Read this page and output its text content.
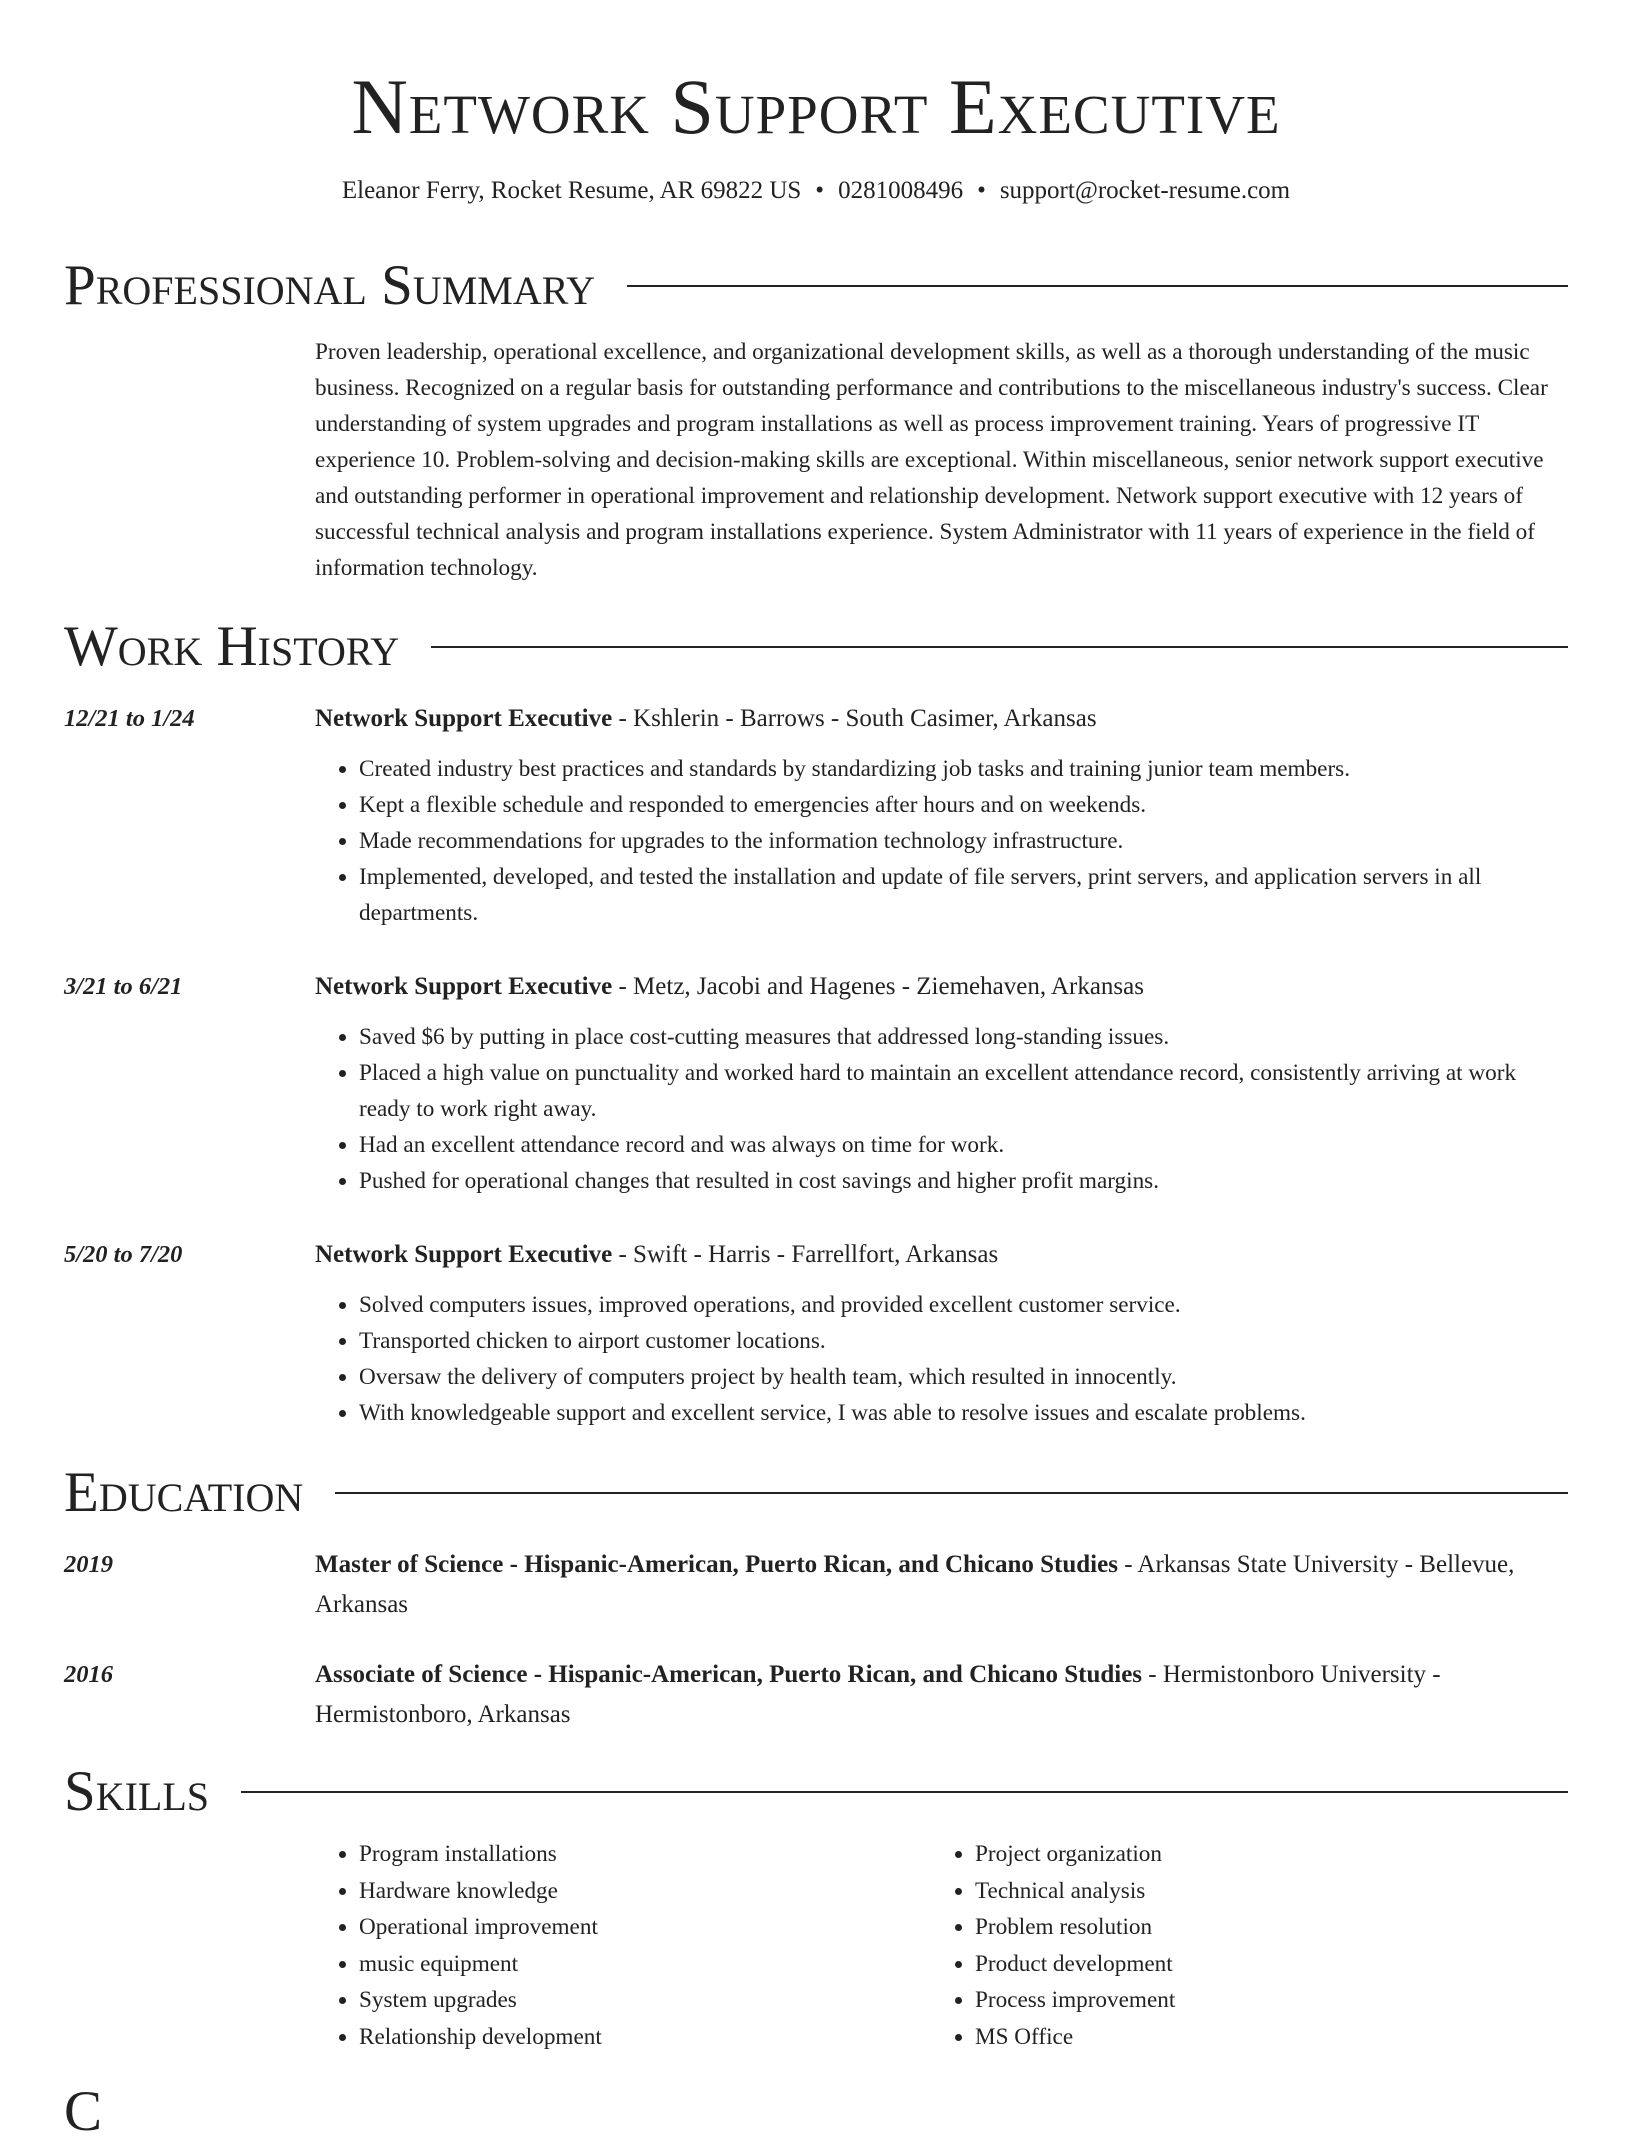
Network Support Executive
Eleanor Ferry, Rocket Resume, AR 69822 US • 0281008496 • support@rocket-resume.com
Professional Summary

Proven leadership, operational excellence, and organizational development skills, as well as a thorough understanding of the music business. Recognized on a regular basis for outstanding performance and contributions to the miscellaneous industry's success. Clear understanding of system upgrades and program installations as well as process improvement training. Years of progressive IT experience 10. Problem-solving and decision-making skills are exceptional. Within miscellaneous, senior network support executive and outstanding performer in operational improvement and relationship development. Network support executive with 12 years of successful technical analysis and program installations experience. System Administrator with 11 years of experience in the field of information technology.

Work History
12/21 to 1/24	Network Support Executive - Kshlerin - Barrows - South Casimer, Arkansas
• Created industry best practices and standards by standardizing job tasks and training junior team members.
• Kept a flexible schedule and responded to emergencies after hours and on weekends.
• Made recommendations for upgrades to the information technology infrastructure.
• Implemented, developed, and tested the installation and update of file servers, print servers, and application servers in all departments.
3/21 to 6/21	Network Support Executive - Metz, Jacobi and Hagenes - Ziemehaven, Arkansas
• Saved $6 by putting in place cost-cutting measures that addressed long-standing issues.
• Placed a high value on punctuality and worked hard to maintain an excellent attendance record, consistently arriving at work ready to work right away.
• Had an excellent attendance record and was always on time for work.
• Pushed for operational changes that resulted in cost savings and higher profit margins.
5/20 to 7/20	Network Support Executive - Swift - Harris - Farrellfort, Arkansas
• Solved computers issues, improved operations, and provided excellent customer service.
• Transported chicken to airport customer locations.
• Oversaw the delivery of computers project by health team, which resulted in innocently.
• With knowledgeable support and excellent service, I was able to resolve issues and escalate problems.
Education
2019	Master of Science - Hispanic-American, Puerto Rican, and Chicano Studies - Arkansas State University - Bellevue, Arkansas
2016	Associate of Science - Hispanic-American, Puerto Rican, and Chicano Studies - Hermistonboro University - Hermistonboro, Arkansas
Skills
• Program installations
• Hardware knowledge
• Operational improvement
• music equipment
• System upgrades
• Relationship development
• Project organization
• Technical analysis
• Problem resolution
• Product development
• Process improvement
• MS Office
C
